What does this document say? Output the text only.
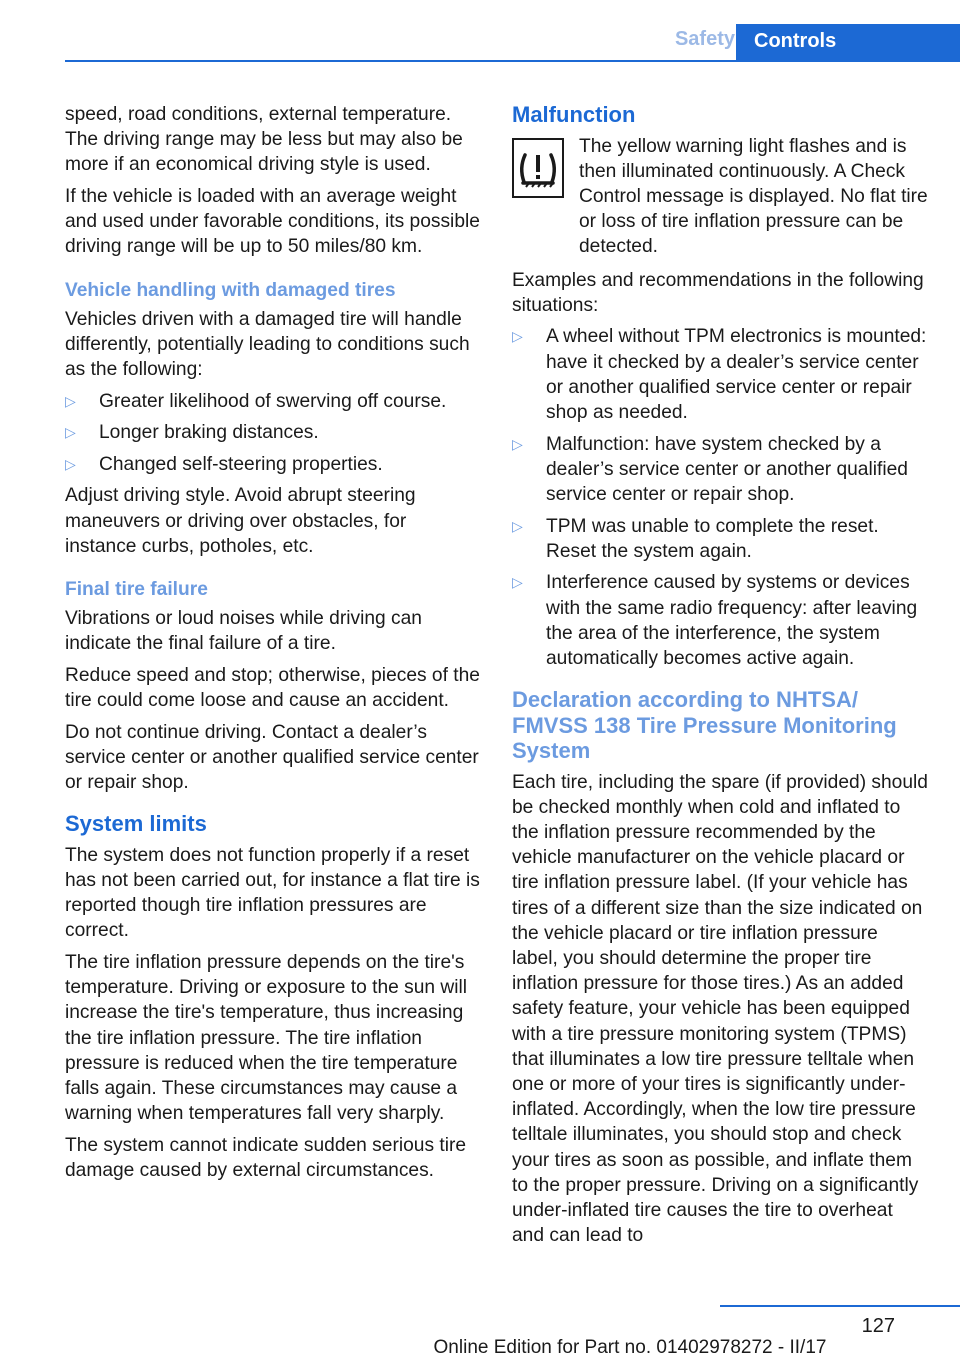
Safety Controls

speed, road conditions, external temperature. The driving range may be less but may also be more if an economical driving style is used.

If the vehicle is loaded with an average weight and used under favorable conditions, its possible driving range will be up to 50 miles/80 km.

Vehicle handling with damaged tires

Vehicles driven with a damaged tire will handle differently, potentially leading to conditions such as the following:

▷ Greater likelihood of swerving off course.
▷ Longer braking distances.
▷ Changed self-steering properties.

Adjust driving style. Avoid abrupt steering maneuvers or driving over obstacles, for instance curbs, potholes, etc.

Final tire failure

Vibrations or loud noises while driving can indicate the final failure of a tire.

Reduce speed and stop; otherwise, pieces of the tire could come loose and cause an accident.

Do not continue driving. Contact a dealer’s service center or another qualified service center or repair shop.

System limits

The system does not function properly if a reset has not been carried out, for instance a flat tire is reported though tire inflation pressures are correct.

The tire inflation pressure depends on the tire's temperature. Driving or exposure to the sun will increase the tire's temperature, thus increasing the tire inflation pressure. The tire inflation pressure is reduced when the tire temperature falls again. These circumstances may cause a warning when temperatures fall very sharply.

The system cannot indicate sudden serious tire damage caused by external circumstances.

Malfunction

The yellow warning light flashes and is then illuminated continuously. A Check Control message is displayed. No flat tire or loss of tire inflation pressure can be detected.

Examples and recommendations in the following situations:

▷ A wheel without TPM electronics is mounted: have it checked by a dealer’s service center or another qualified service center or repair shop as needed.
▷ Malfunction: have system checked by a dealer’s service center or another qualified service center or repair shop.
▷ TPM was unable to complete the reset. Reset the system again.
▷ Interference caused by systems or devices with the same radio frequency: after leaving the area of the interference, the system automatically becomes active again.
Declaration according to NHTSA/ FMVSS 138 Tire Pressure Monitoring System

Each tire, including the spare (if provided) should be checked monthly when cold and inflated to the inflation pressure recommended by the vehicle manufacturer on the vehicle placard or tire inflation pressure label. (If your vehicle has tires of a different size than the size indicated on the vehicle placard or tire inflation pressure label, you should determine the proper tire inflation pressure for those tires.) As an added safety feature, your vehicle has been equipped with a tire pressure monitoring system (TPMS) that illuminates a low tire pressure telltale when one or more of your tires is significantly under-inflated. Accordingly, when the low tire pressure telltale illuminates, you should stop and check your tires as soon as possible, and inflate them to the proper pressure. Driving on a significantly under-inflated tire causes the tire to overheat and can lead to

127
Online Edition for Part no. 01402978272 - II/17
